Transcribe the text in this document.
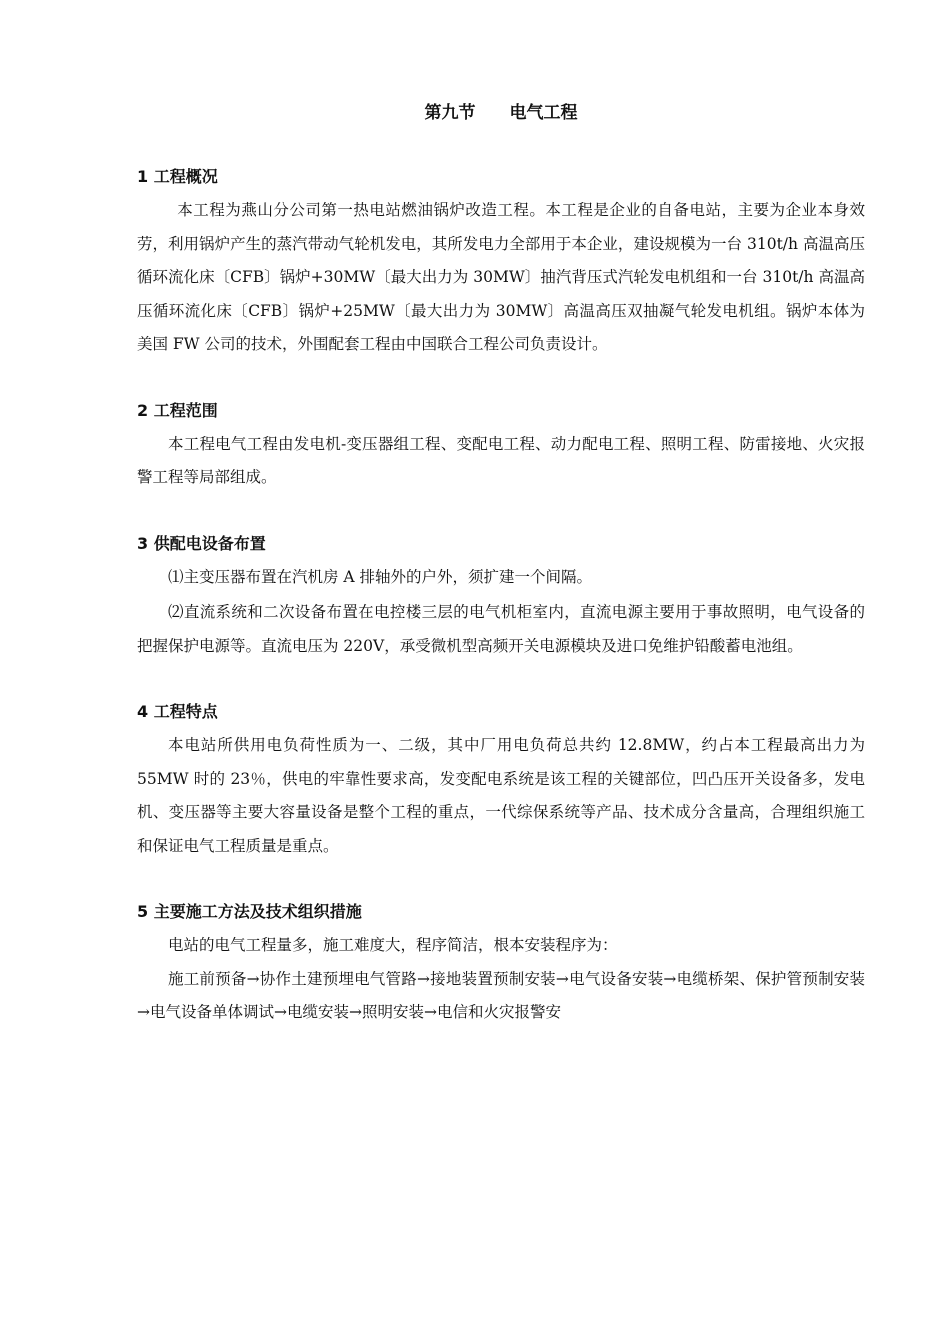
第九节　　电气工程
1 工程概况

本工程为燕山分公司第一热电站燃油锅炉改造工程。本工程是企业的自备电站，主要为企业本身效劳，利用锅炉产生的蒸汽带动气轮机发电，其所发电力全部用于本企业，建设规模为一台 310t/h 高温高压循环流化床〔CFB〕锅炉+30MW〔最大出力为 30MW〕抽汽背压式汽轮发电机组和一台 310t/h 高温高压循环流化床〔CFB〕锅炉+25MW〔最大出力为 30MW〕高温高压双抽凝气轮发电机组。锅炉本体为美国 FW 公司的技术，外围配套工程由中国联合工程公司负责设计。

2 工程范围

本工程电气工程由发电机-变压器组工程、变配电工程、动力配电工程、照明工程、防雷接地、火灾报警工程等局部组成。

3 供配电设备布置

⑴主变压器布置在汽机房 A 排轴外的户外，须扩建一个间隔。

⑵直流系统和二次设备布置在电控楼三层的电气机柜室内，直流电源主要用于事故照明，电气设备的把握保护电源等。直流电压为 220V，承受微机型高频开关电源模块及进口免维护铅酸蓄电池组。

4 工程特点

本电站所供用电负荷性质为一、二级，其中厂用电负荷总共约 12.8MW，约占本工程最高出力为 55MW 时的 23％，供电的牢靠性要求高，发变配电系统是该工程的关键部位，凹凸压开关设备多，发电机、变压器等主要大容量设备是整个工程的重点，一代综保系统等产品、技术成分含量高，合理组织施工和保证电气工程质量是重点。

5 主要施工方法及技术组织措施

电站的电气工程量多，施工难度大，程序简洁，根本安装程序为：

施工前预备→协作土建预埋电气管路→接地装置预制安装→电气设备安装→电缆桥架、保护管预制安装→电气设备单体调试→电缆安装→照明安装→电信和火灾报警安
